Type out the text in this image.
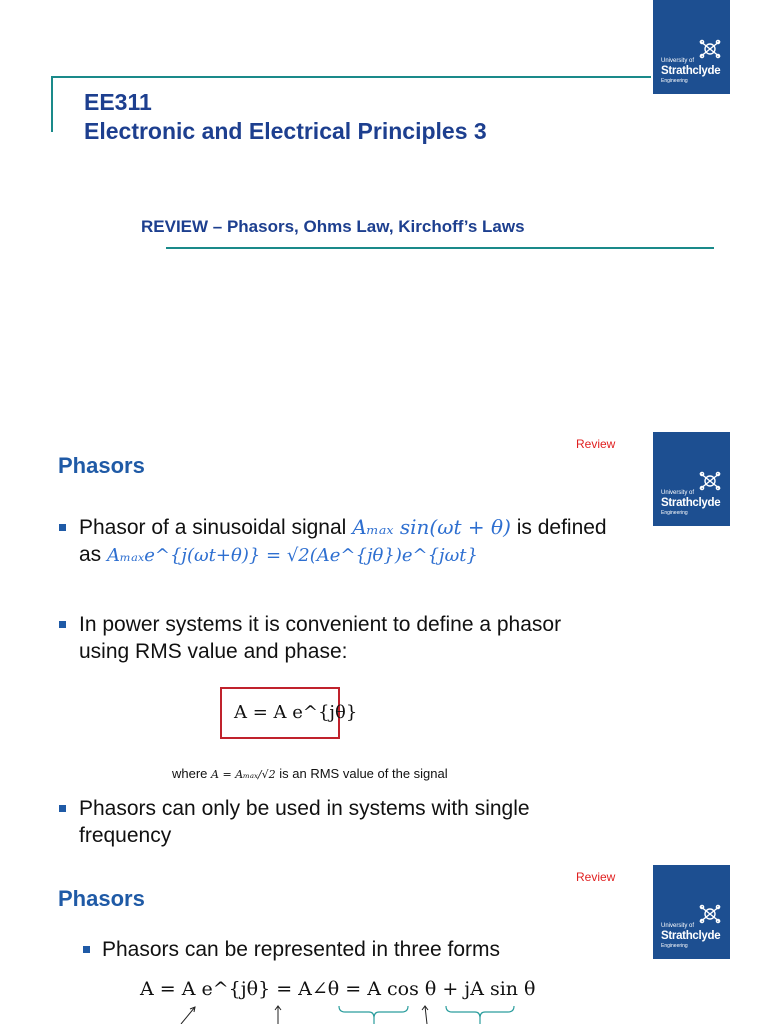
University of
Strathclyde
Engineering
EE311
Electronic and Electrical Principles 3
REVIEW – Phasors, Ohms Law, Kirchoff’s Laws
University of
Strathclyde
Engineering
Review
Phasors
Phasor of a sinusoidal signal Aₘₐₓ sin(ωt + θ) is defined
as Aₘₐₓe^{j(ωt+θ)} = √2(Ae^{jθ})e^{jωt}
In power systems it is convenient to define a phasor
using RMS value and phase:
A = A e^{jθ}
where A = Aₘₐₓ/√2 is an RMS value of the signal
Phasors can only be used in systems with single
frequency
University of
Strathclyde
Engineering
Review
Phasors
Phasors can be represented in three forms
A = A e^{jθ} = A∠θ = A cos θ + jA sin θ
